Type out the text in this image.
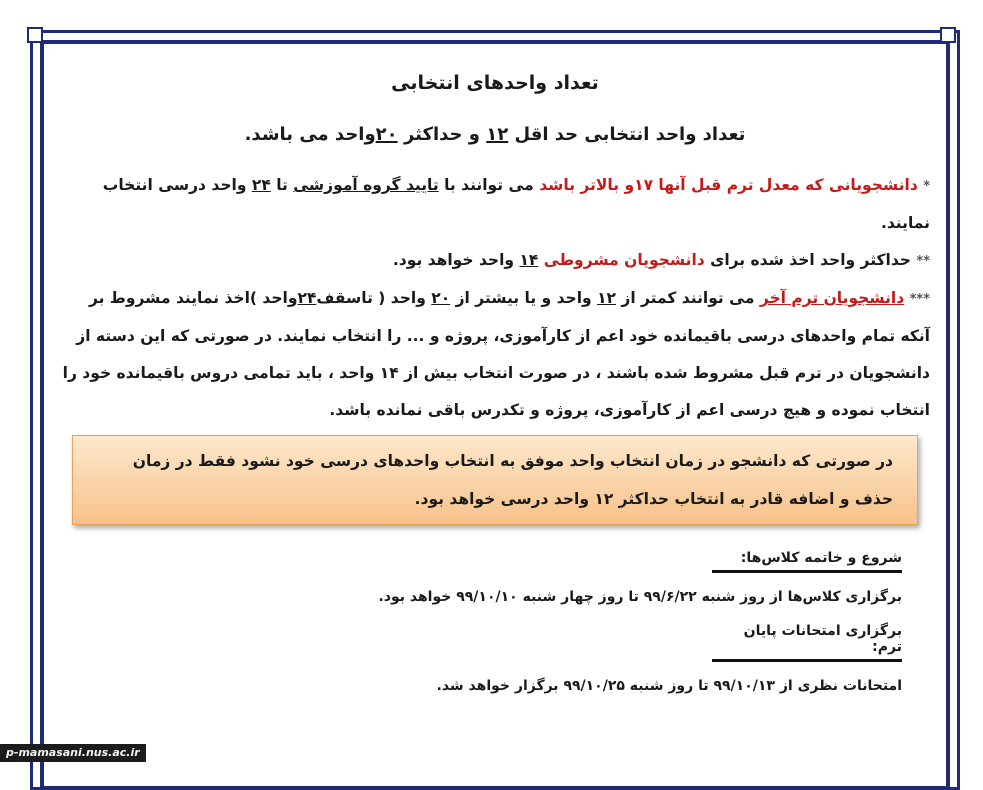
تعداد واحدهای انتخابی
تعداد واحد انتخابی حد اقل ۱۲ و حداکثر ۲۰واحد می باشد.
* دانشجویانی که معدل ترم قبل آنها ۱۷و بالاتر باشد می توانند با تایید گروه آموزشی تا ۲۴ واحد درسی انتخاب نمایند.
** حداکثر واحد اخذ شده برای دانشجویان مشروطی ۱۴ واحد خواهد بود.
*** دانشجویان ترم آخر می توانند کمتر از ۱۲ واحد و یا بیشتر از ۲۰ واحد ( تاسقف۲۴واحد )اخذ نمایند مشروط بر آنکه تمام واحدهای درسی باقیمانده خود اعم از کارآموزی، پروژه و ... را انتخاب نمایند. در صورتی که این دسته از دانشجویان در ترم قبل مشروط شده باشند ، در صورت انتخاب بیش از ۱۴ واحد ، باید تمامی دروس باقیمانده خود را انتخاب نموده و هیچ درسی اعم از کارآموزی، پروژه و تکدرس باقی نمانده باشد.
در صورتی که دانشجو در زمان انتخاب واحد موفق به انتخاب واحدهای درسی خود نشود فقط در زمان حذف و اضافه قادر به انتخاب حداکثر ۱۲ واحد درسی خواهد بود.
شروع و خاتمه کلاس‌ها:
برگزاری کلاس‌ها از روز شنبه ۹۹/۶/۲۲ تا روز چهار شنبه ۹۹/۱۰/۱۰ خواهد بود.
برگزاری امتحانات پایان ترم:
امتحانات نظری از ۹۹/۱۰/۱۳ تا روز شنبه ۹۹/۱۰/۲۵ برگزار خواهد شد.
p-mamasani.nus.ac.ir
